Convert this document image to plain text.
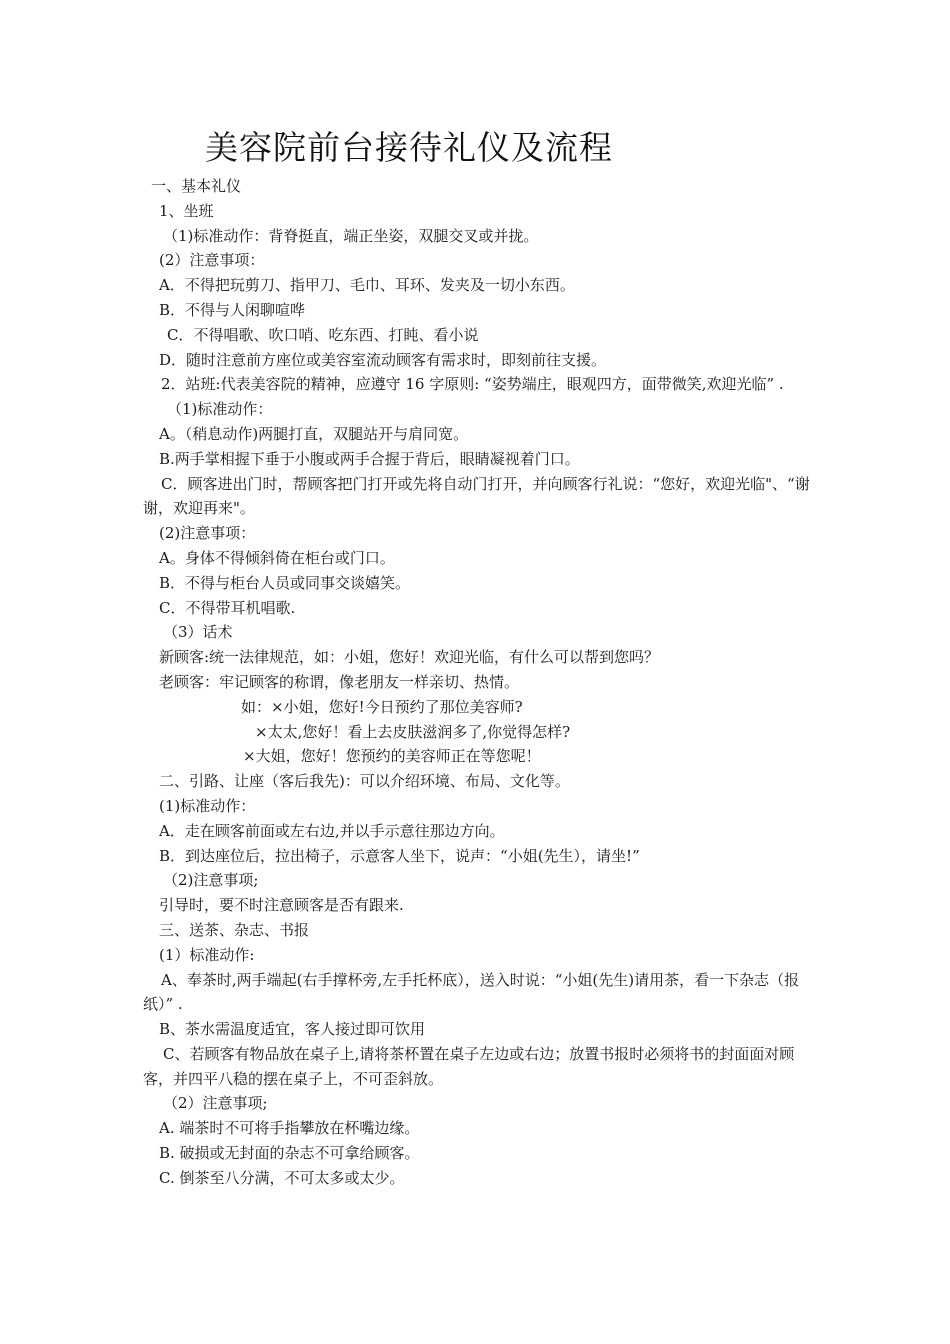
美容院前台接待礼仪及流程
一、基本礼仪
1、坐班
（1)标准动作：背脊挺直，端正坐姿，双腿交叉或并拢。
(2）注意事项：
A．不得把玩剪刀、指甲刀、毛巾、耳环、发夹及一切小东西。
B．不得与人闲聊喧哗
C．不得唱歌、吹口哨、吃东西、打盹、看小说
D．随时注意前方座位或美容室流动顾客有需求时，即刻前往支援。
2．站班:代表美容院的精神，应遵守 16 字原则: “姿势端庄，眼观四方，面带微笑,欢迎光临” .
（1)标准动作：
A。（稍息动作)两腿打直，双腿站开与肩同宽。
B.两手掌相握下垂于小腹或两手合握于背后，眼睛凝视着门口。
C．顾客进出门时，帮顾客把门打开或先将自动门打开，并向顾客行礼说：“您好，欢迎光临"、“谢谢，欢迎再来"。
(2)注意事项：
A。身体不得倾斜倚在柜台或门口。
B．不得与柜台人员或同事交谈嬉笑。
C．不得带耳机唱歌.
（3）话术
新顾客:统一法律规范，如：小姐，您好！欢迎光临，有什么可以帮到您吗？
老顾客：牢记顾客的称谓，像老朋友一样亲切、热情。
如：×小姐，您好!今日预约了那位美容师?
×太太,您好！看上去皮肤滋润多了,你觉得怎样?
×大姐，您好！您预约的美容师正在等您呢！
二、引路、让座（客后我先)：可以介绍环境、布局、文化等。
(1)标准动作：
A．走在顾客前面或左右边,并以手示意往那边方向。
B．到达座位后，拉出椅子，示意客人坐下，说声：“小姐(先生），请坐!”
（2)注意事项;
引导时，要不时注意顾客是否有跟来.
三、送茶、杂志、书报
(1）标准动作:
A、奉茶时,两手端起(右手撑杯旁,左手托杯底），送入时说：“小姐(先生)请用茶，看一下杂志（报纸）” .
B、茶水需温度适宜，客人接过即可饮用
C、若顾客有物品放在桌子上,请将茶杯置在桌子左边或右边；放置书报时必须将书的封面面对顾客，并四平八稳的摆在桌子上，不可歪斜放。
（2）注意事项;
A. 端茶时不可将手指攀放在杯嘴边缘。
B. 破损或无封面的杂志不可拿给顾客。
C. 倒茶至八分满，不可太多或太少。
